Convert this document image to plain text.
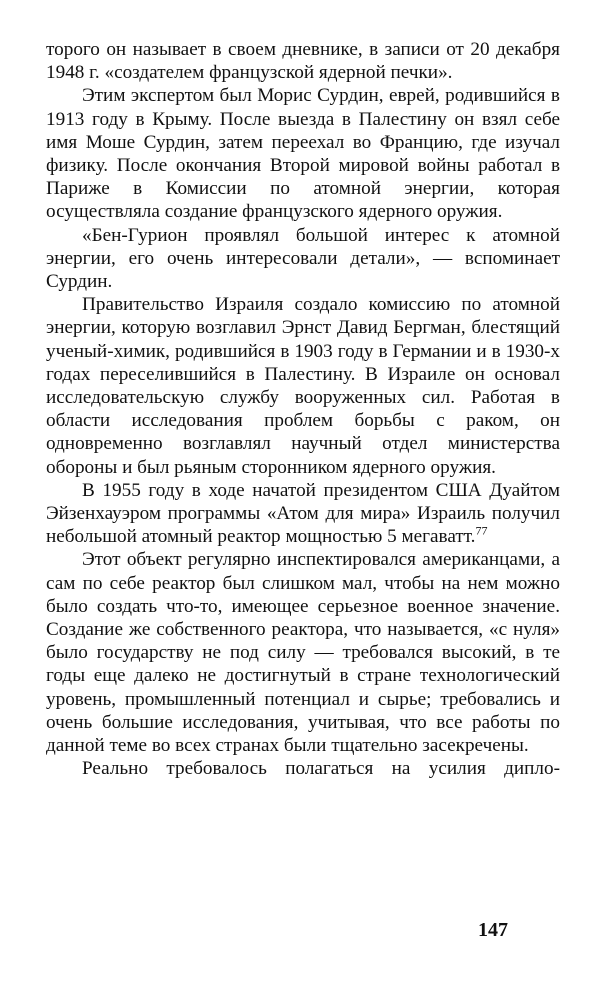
торого он называет в своем дневнике, в записи от 20 декабря 1948 г. «создателем французской ядерной печки».

Этим экспертом был Морис Сурдин, еврей, родившийся в 1913 году в Крыму. После выезда в Палестину он взял себе имя Моше Сурдин, затем переехал во Францию, где изучал физику. После окончания Второй мировой войны работал в Париже в Комиссии по атомной энергии, которая осуществляла создание французского ядерного оружия.

«Бен-Гурион проявлял большой интерес к атомной энергии, его очень интересовали детали», — вспоминает Сурдин.

Правительство Израиля создало комиссию по атомной энергии, которую возглавил Эрнст Давид Бергман, блестящий ученый-химик, родившийся в 1903 году в Германии и в 1930-х годах переселившийся в Палестину. В Израиле он основал исследовательскую службу вооруженных сил. Работая в области исследования проблем борьбы с раком, он одновременно возглавлял научный отдел министерства обороны и был рьяным сторонником ядерного оружия.

В 1955 году в ходе начатой президентом США Дуайтом Эйзенхауэром программы «Атом для мира» Израиль получил небольшой атомный реактор мощностью 5 мегаватт.$^{77}$

Этот объект регулярно инспектировался американцами, а сам по себе реактор был слишком мал, чтобы на нем можно было создать что-то, имеющее серьезное военное значение. Создание же собственного реактора, что называется, «с нуля» было государству не под силу — требовался высокий, в те годы еще далеко не достигнутый в стране технологический уровень, промышленный потенциал и сырье; требовались и очень большие исследования, учитывая, что все работы по данной теме во всех странах были тщательно засекречены.

Реально требовалось полагаться на усилия дипло-

147
